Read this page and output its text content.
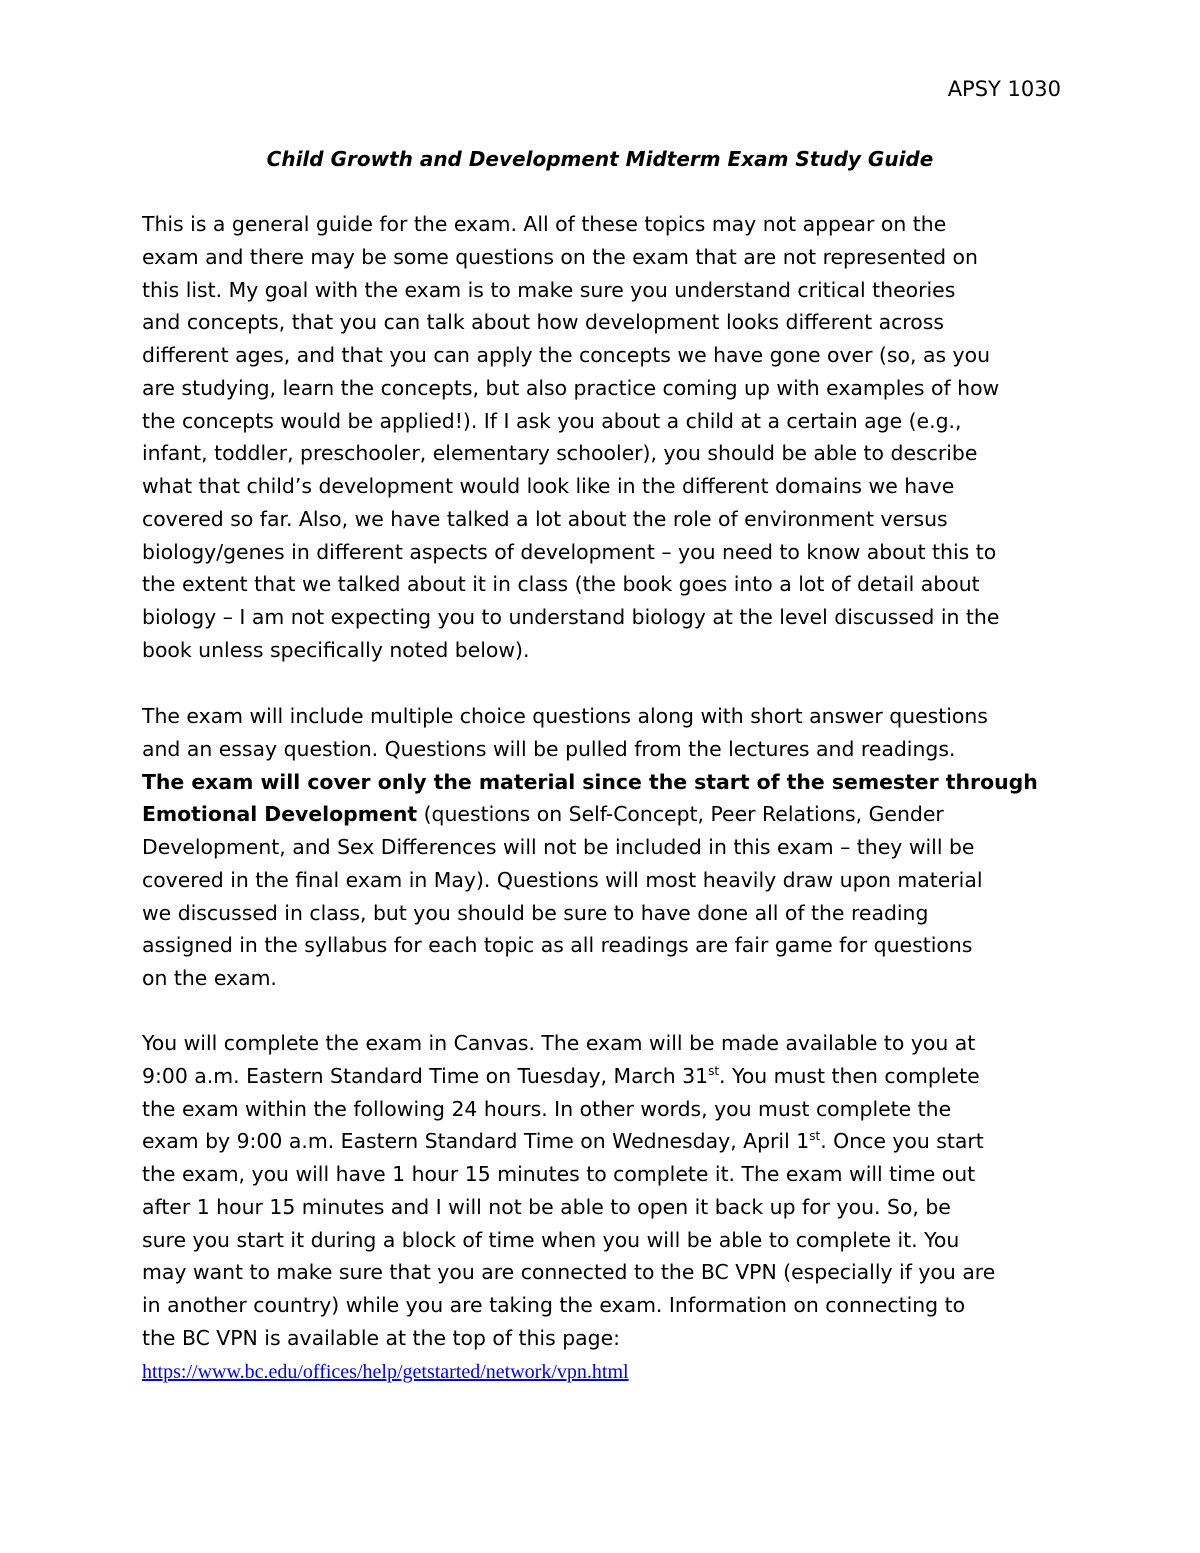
APSY 1030
Child Growth and Development Midterm Exam Study Guide
This is a general guide for the exam. All of these topics may not appear on the
exam and there may be some questions on the exam that are not represented on
this list. My goal with the exam is to make sure you understand critical theories
and concepts, that you can talk about how development looks different across
different ages, and that you can apply the concepts we have gone over (so, as you
are studying, learn the concepts, but also practice coming up with examples of how
the concepts would be applied!). If I ask you about a child at a certain age (e.g.,
infant, toddler, preschooler, elementary schooler), you should be able to describe
what that child’s development would look like in the different domains we have
covered so far. Also, we have talked a lot about the role of environment versus
biology/genes in different aspects of development – you need to know about this to
the extent that we talked about it in class (the book goes into a lot of detail about
biology – I am not expecting you to understand biology at the level discussed in the
book unless specifically noted below).
The exam will include multiple choice questions along with short answer questions
and an essay question. Questions will be pulled from the lectures and readings.
The exam will cover only the material since the start of the semester through
Emotional Development (questions on Self-Concept, Peer Relations, Gender
Development, and Sex Differences will not be included in this exam – they will be
covered in the final exam in May). Questions will most heavily draw upon material
we discussed in class, but you should be sure to have done all of the reading
assigned in the syllabus for each topic as all readings are fair game for questions
on the exam.
You will complete the exam in Canvas. The exam will be made available to you at
9:00 a.m. Eastern Standard Time on Tuesday, March 31st. You must then complete
the exam within the following 24 hours. In other words, you must complete the
exam by 9:00 a.m. Eastern Standard Time on Wednesday, April 1st. Once you start
the exam, you will have 1 hour 15 minutes to complete it. The exam will time out
after 1 hour 15 minutes and I will not be able to open it back up for you. So, be
sure you start it during a block of time when you will be able to complete it. You
may want to make sure that you are connected to the BC VPN (especially if you are
in another country) while you are taking the exam. Information on connecting to
the BC VPN is available at the top of this page:
https://www.bc.edu/offices/help/getstarted/network/vpn.html
